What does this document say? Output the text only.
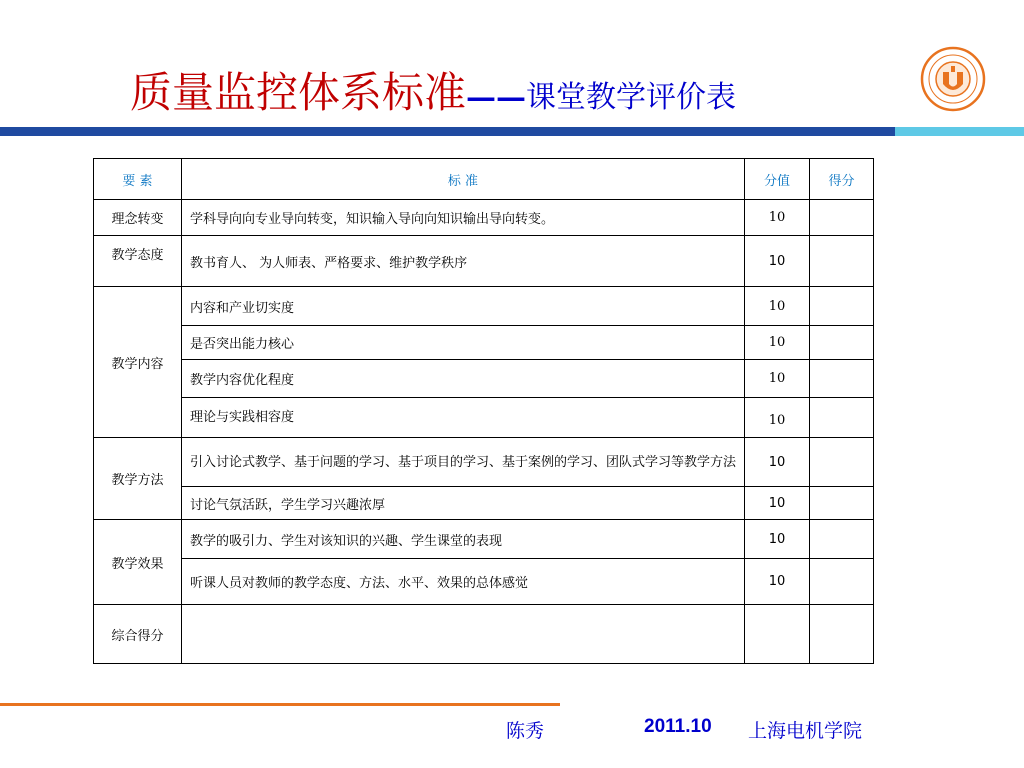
质量监控体系标准——课堂教学评价表
要 素	标 准	分值	得分
理念转变	学科导向向专业导向转变，知识输入导向向知识输出导向转变。	10	
教学态度	教书育人、 为人师表、严格要求、维护教学秩序	10	
教学内容	内容和产业切实度	10	
	是否突出能力核心	10	
	教学内容优化程度	10	
	理论与实践相容度	10	
教学方法	引入讨论式教学、基于问题的学习、基于项目的学习、基于案例的学习、团队式学习等教学方法	10	
	讨论气氛活跃，学生学习兴趣浓厚	10	
教学效果	教学的吸引力、学生对该知识的兴趣、学生课堂的表现	10	
	听课人员对教师的教学态度、方法、水平、效果的总体感觉	10	
综合得分			
陈秀	2011.10 上海电机学院
